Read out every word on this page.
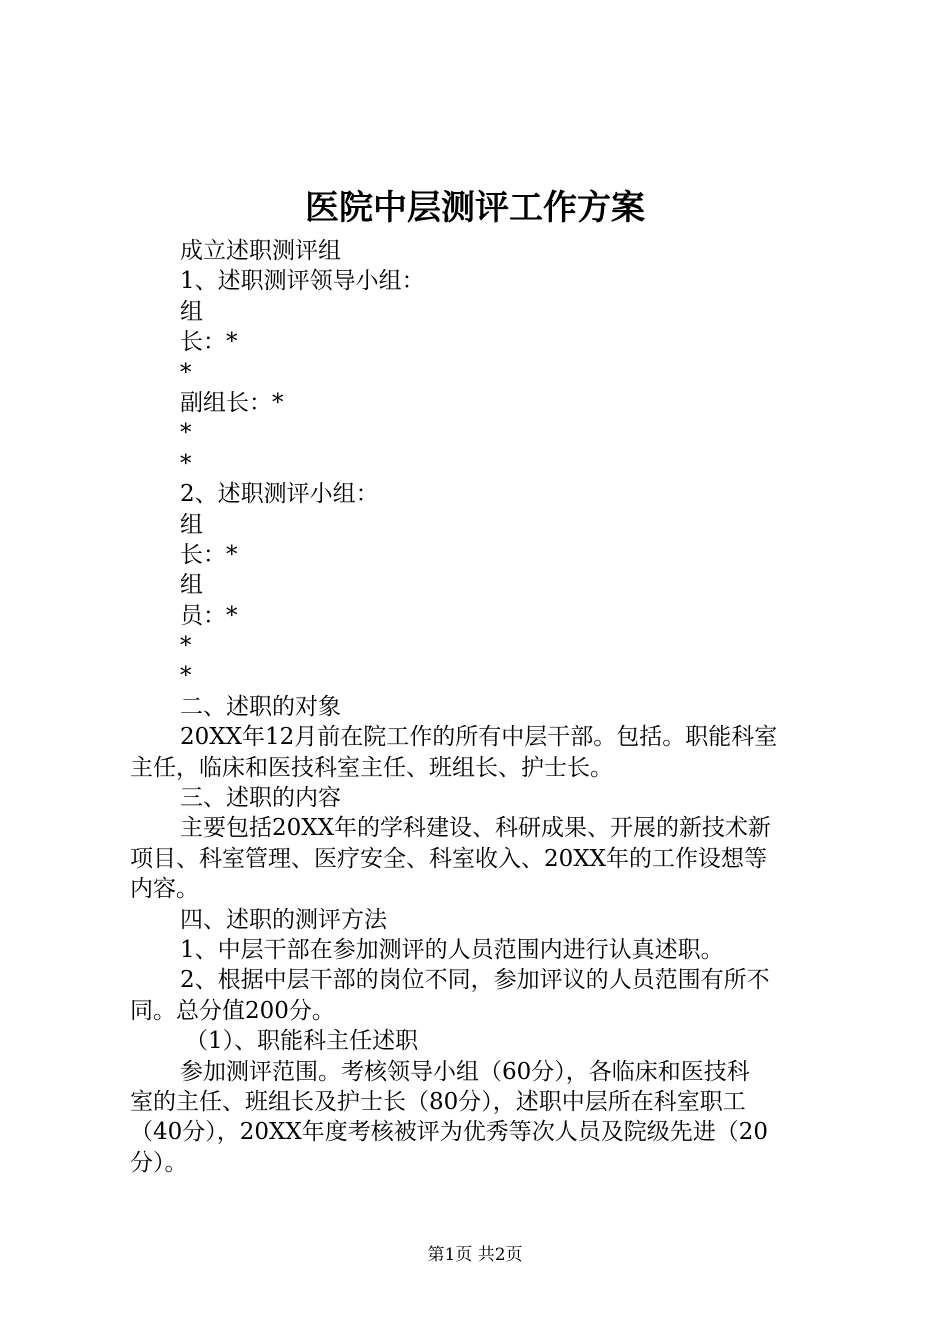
医院中层测评工作方案
成立述职测评组
1、述职测评领导小组：
组
长：*
*
副组长：*
*
*
2、述职测评小组：
组
长：*
组
员：*
*
*
二、述职的对象
20XX年12月前在院工作的所有中层干部。包括。职能科室
主任，临床和医技科室主任、班组长、护士长。
三、述职的内容
主要包括20XX年的学科建设、科研成果、开展的新技术新
项目、科室管理、医疗安全、科室收入、20XX年的工作设想等
内容。
四、述职的测评方法
1、中层干部在参加测评的人员范围内进行认真述职。
2、根据中层干部的岗位不同，参加评议的人员范围有所不
同。总分值200分。
（1）、职能科主任述职
参加测评范围。考核领导小组（60分），各临床和医技科
室的主任、班组长及护士长（80分），述职中层所在科室职工
（40分），20XX年度考核被评为优秀等次人员及院级先进（20
分）。
第1页 共2页
